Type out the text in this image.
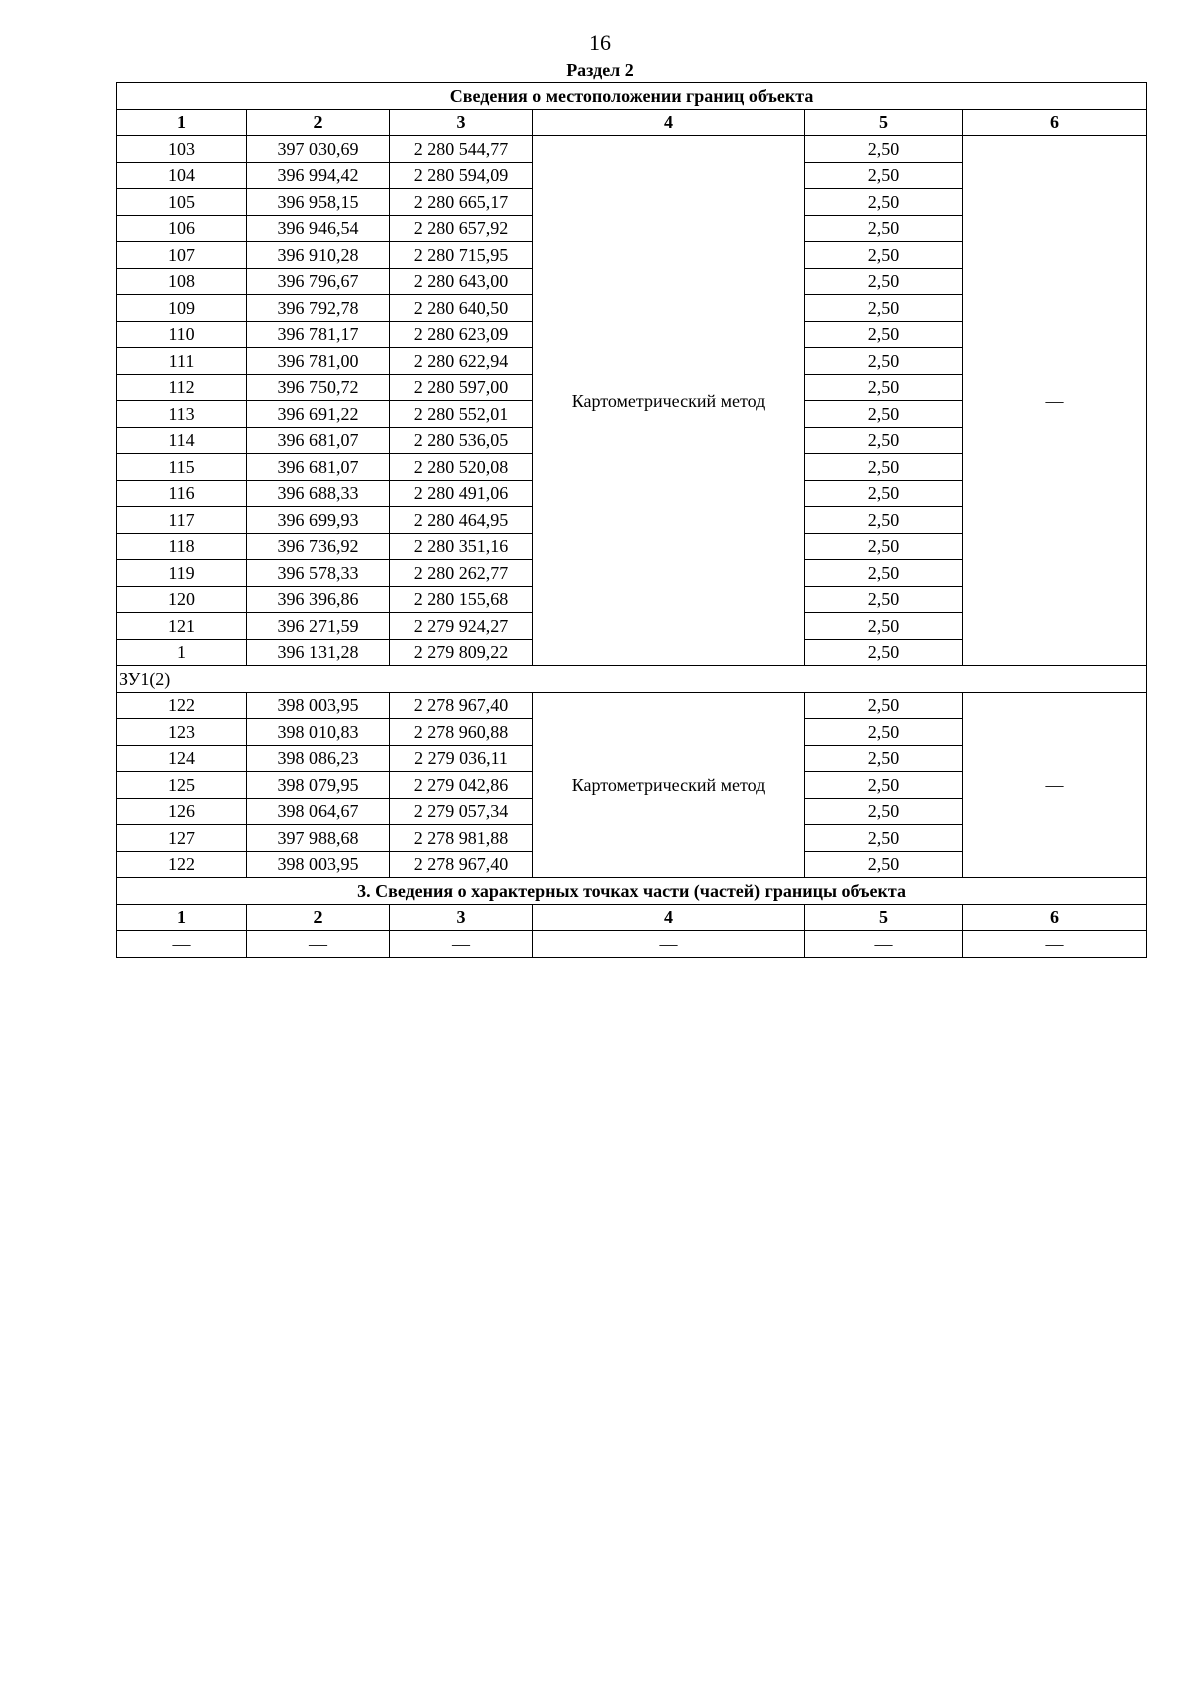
16
Раздел 2
Сведения о местоположении границ объекта					
1	2	3	4	5	6
103	397 030,69	2 280 544,77	Картометрический метод	2,50	—
104	396 994,42	2 280 594,09		2,50	
105	396 958,15	2 280 665,17		2,50	
106	396 946,54	2 280 657,92		2,50	
107	396 910,28	2 280 715,95		2,50	
108	396 796,67	2 280 643,00		2,50	
109	396 792,78	2 280 640,50		2,50	
110	396 781,17	2 280 623,09		2,50	
111	396 781,00	2 280 622,94		2,50	
112	396 750,72	2 280 597,00		2,50	
113	396 691,22	2 280 552,01		2,50	
114	396 681,07	2 280 536,05		2,50	
115	396 681,07	2 280 520,08		2,50	
116	396 688,33	2 280 491,06		2,50	
117	396 699,93	2 280 464,95		2,50	
118	396 736,92	2 280 351,16		2,50	
119	396 578,33	2 280 262,77		2,50	
120	396 396,86	2 280 155,68		2,50	
121	396 271,59	2 279 924,27		2,50	
1	396 131,28	2 279 809,22		2,50	
ЗУ1(2)					
122	398 003,95	2 278 967,40	Картометрический метод	2,50	—
123	398 010,83	2 278 960,88		2,50	
124	398 086,23	2 279 036,11		2,50	
125	398 079,95	2 279 042,86		2,50	
126	398 064,67	2 279 057,34		2,50	
127	397 988,68	2 278 981,88		2,50	
122	398 003,95	2 278 967,40		2,50	
3. Сведения о характерных точках части (частей) границы объекта					
1	2	3	4	5	6
—	—	—	—	—	—
